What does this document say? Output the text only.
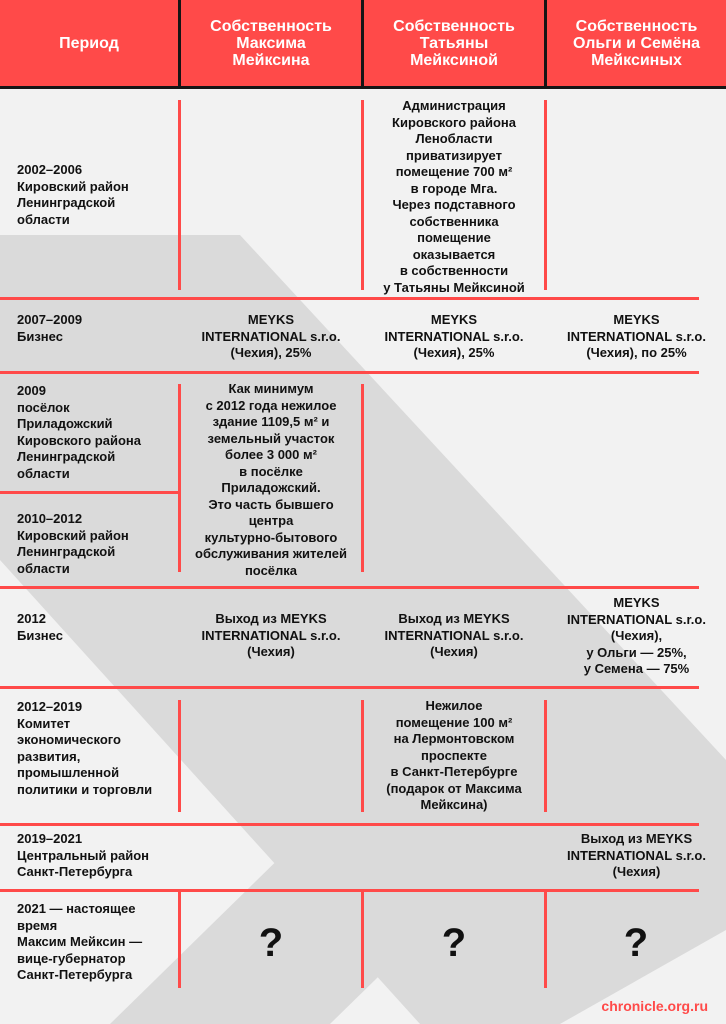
Период
Собственность
Максима
Мейксина
Собственность
Татьяны
Мейксиной
Собственность
Ольги и Семёна
Мейксиных
2002–2006
Кировский район
Ленинградской
области
Администрация
Кировского района
Ленобласти
приватизирует
помещение 700 м²
в городе Мга.
Через подставного
собственника
помещение
оказывается
в собственности
у Татьяны Мейксиной
2007–2009
Бизнес
MEYKS
INTERNATIONAL s.r.o.
(Чехия), 25%
MEYKS
INTERNATIONAL s.r.o.
(Чехия), 25%
MEYKS
INTERNATIONAL s.r.o.
(Чехия), по 25%
2009
посёлок
Приладожский
Кировского района
Ленинградской
области
2010–2012
Кировский район
Ленинградской
области
Как минимум
с 2012 года нежилое
здание 1109,5 м² и
земельный участок
более 3 000 м²
в посёлке
Приладожский.
Это часть бывшего
центра
культурно-бытового
обслуживания жителей
посёлка
2012
Бизнес
Выход из MEYKS
INTERNATIONAL s.r.o.
(Чехия)
Выход из MEYKS
INTERNATIONAL s.r.o.
(Чехия)
MEYKS
INTERNATIONAL s.r.o.
(Чехия),
у Ольги — 25%,
у Семена — 75%
2012–2019
Комитет
экономического
развития,
промышленной
политики и торговли
Нежилое
помещение 100 м²
на Лермонтовском
проспекте
в Санкт-Петербурге
(подарок от Максима
Мейксина)
2019–2021
Центральный район
Санкт-Петербурга
Выход из MEYKS
INTERNATIONAL s.r.o.
(Чехия)
2021 — настоящее
время
Максим Мейксин —
вице-губернатор
Санкт-Петербурга
?	?	?
chronicle.org.ru
